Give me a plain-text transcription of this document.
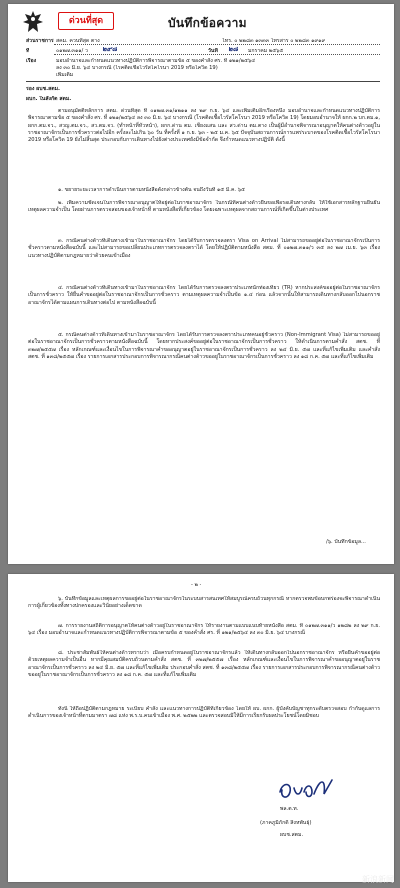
ด่วนที่สุด	บันทึกข้อความ
ส่วนราชการ สคม. ควนที่สุด ตาง	โทร. ๐ ๒๒๘๓ ๑๓๓๓ โทรสาร ๐ ๒๒๘๓ ๑๙๑๙
ที่	๐๑๒๗.๓๑๑/ ว ๒๙๘	วันที่ ๒๘ มกราคม ๒๕๖๕
เรื่อง	มอบอำนาจและกำหนดแนวทางปฏิบัติการพิจารณาตามข้อ ๕ ของคำสั่ง ศร. ที่ ๑๒๑/๒๕๖๔
ลง ๓๐ มิ.ย. ๖๔ บางกรณี (โรคติดเชื้อไวรัสโคโรนา 2019 หรือโควิด 19)
เพิ่มเติม
รอง ผบช.สตม.
ผบก. ในสังกัด สตม.
ตามอนุมัตติหลักการ สตม. ด่วนที่สุด ที่ ๐๑๒๗.๓๑/๑๒๑๑ ลง ๒๙ ก.ย. ๖๔ และเพิ่มเติมอีกเรื่องหนึ่ง มอบอำนาจและกำหนดแนวทางปฏิบัติการพิจารณาตามข้อ ๕ ของคำสั่ง ศร. ที่ ๑๒๑/๒๕๖๔ ลง ๓๐ มิ.ย. ๖๔ บางกรณี (โรคติดเชื้อไวรัสโคโรนา 2019 หรือโควิด 19) โดยมอบอำนาจให้ ผกก.๒ บก.ตม.๑, ผกก.ตม.จว., สวญ.ตม.จว., สว.ตม.จว. (ทำหน้าที่หัวหน้า), ผกก.ด่าน ตม. เชียงแสน และ สว.ด่าน ตม.ตาง เป็นผู้มีอำนาจพิจารณาอนุญาตให้คนต่างด้าวอยู่ในราชอาณาจักรเป็นการชั่วคราวต่อไปอีก ครั้งละไม่เกิน ๖๐ วัน ที่ครั้งที่ ๑ ก.ย. ๖๓ - ๒๕ ม.ค. ๖๕ ปัจจุบันสถานการณ์การแพร่ระบาดของโรคติดเชื้อไวรัสโคโรนา 2019 หรือโควิด 19 ยังไม่สิ้นสุด ประกอบกับการเดินทางไปยังต่างประเทศยังมีข้อจำกัด จึงกำหนดแนวทางปฏิบัติ ดังนี้
๑. ขยายระยะเวลาการดำเนินการตามหนังสือดังกล่าวข้างต้น จนถึงวันที่ ๑๕ มี.ค. ๖๕
๒. เพิ่มความชัดเจนในการพิจารณาอนุญาตให้อยู่ต่อในราชอาณาจักร ในกรณีที่คนต่างด้าวยื่นขอเพื่อรอเดินทางกลับ ให้ใช้เอกสารหลักฐานยืนยันเหตุผลความจำเป็น โดยผ่านการตรวจสอบของเจ้าหน้าที่ ตามหนังสือที่เกี่ยวข้อง โดยเฉพาะเหตุผลจากสถานการณ์ที่เกิดขึ้นในต่างประเทศ
๓. กรณีคนต่างด้าวที่เดินทางเข้ามาในราชอาณาจักร โดยได้รับการตรวจลงตรา Visa on Arrival ไม่สามารถขออยู่ต่อในราชอาณาจักรเป็นการชั่วคราวตามหนังสือฉบับนี้ และไม่สามารถขอเปลี่ยนประเภทการตรวจลงตราได้ โดยให้ปฏิบัติตามหนังสือ สตม. ที่ ๐๑๒๗.๓๑๑/ว ๓๕ ลง ๒๗ เม.ย. ๖๓ เรื่อง แนวทางปฏิบัติตามกฎหมายว่าด้วยคนเข้าเมือง
๔. กรณีคนต่างด้าวที่เดินทางเข้ามาในราชอาณาจักร โดยได้รับการตรวจลงตราประเภทนักท่องเที่ยว (TR) หากประสงค์ขออยู่ต่อในราชอาณาจักรเป็นการชั่วคราว ให้ยื่นคำขออยู่ต่อในราชอาณาจักรเป็นการชั่วคราว ตามเหตุผลความจำเป็นข้อ ๑.๔ ก่อน แล้วจากนั้นให้สามารถเดินทางกลับออกไปนอกราชอาณาจักรได้ตามแผนการเดินทางต่อไป ตามหนังสือฉบับนี้
๕. กรณีคนต่างด้าวที่เดินทางเข้ามาในราชอาณาจักร โดยได้รับการตรวจลงตราประเภทคนอยู่ชั่วคราว (Non-Immigrant Visa) ไม่สามารถขออยู่ต่อในราชอาณาจักรเป็นการชั่วคราวตามหนังสือฉบับนี้ โดยหากประสงค์ขออยู่ต่อในราชอาณาจักรเป็นการชั่วคราว ให้ดำเนินการตามคำสั่ง สตช. ที่ ๓๒๗/๒๕๕๗ เรื่อง หลักเกณฑ์และเงื่อนไขในการพิจารณาคำขออนุญาตอยู่ในราชอาณาจักรเป็นการชั่วคราว ลง ๒๔ มิ.ย. ๕๗ และที่แก้ไขเพิ่มเติม และคำสั่ง สตช. ที่ ๑๓๘/๒๕๕๗ เรื่อง รายการเอกสารประกอบการพิจารณากรณีคนต่างด้าวขออยู่ในราชอาณาจักรเป็นการชั่วคราว ลง ๑๘ ก.ค. ๕๗ และที่แก้ไขเพิ่มเติม
/๖. บันทึกข้อมูล...
- ๒ -
๖. บันทึกข้อมูลและเหตุผลการขออยู่ต่อในราชอาณาจักรในระบบสารสนเทศให้สมบูรณ์ครบถ้วนทุกกรณี หากตรวจพบข้อบกพร่องจะพิจารณาดำเนินการผู้เกี่ยวข้องทั้งทางปกครองและวินัยอย่างเด็ดขาด
๗. การรายงานสถิติการอนุญาตให้คนต่างด้าวอยู่ในราชอาณาจักร ให้รายงานตามแบบแนบท้ายหนังสือ สตม. ที่ ๐๑๒๗.๓๑๑/ว ๑๒๘๒ ลง ๒๙ ก.ย. ๖๔ เรื่อง มอบอำนาจและกำหนดแนวทางปฏิบัติการพิจารณาตามข้อ ๕ ของคำสั่ง ศร. ที่ ๑๒๑/๒๕๖๔ ลง ๓๐ มิ.ย. ๖๔ บางกรณี
๘. ประชาสัมพันธ์ให้คนต่างด้าวทราบว่า เมื่อครบกำหนดอยู่ในราชอาณาจักรแล้ว ให้เดินทางกลับออกไปนอกราชอาณาจักร หรือยื่นคำขออยู่ต่อด้วยเหตุผลความจำเป็นอื่น หากมีคุณสมบัติครบถ้วนตามคำสั่ง สตช. ที่ ๓๒๗/๒๕๕๗ เรื่อง หลักเกณฑ์และเงื่อนไขในการพิจารณาคำขออนุญาตอยู่ในราชอาณาจักรเป็นการชั่วคราว ลง ๒๔ มิ.ย. ๕๗ และที่แก้ไขเพิ่มเติม ประกอบคำสั่ง สตช. ที่ ๑๓๘/๒๕๕๗ เรื่อง รายการเอกสารประกอบการพิจารณากรณีคนต่างด้าวขออยู่ในราชอาณาจักรเป็นการชั่วคราว ลง ๑๘ ก.ค. ๕๗ และที่แก้ไขเพิ่มเติม
ทั้งนี้ ให้ถือปฏิบัติตามกฎหมาย ระเบียบ คำสั่ง และแนวทางการปฏิบัติที่เกี่ยวข้อง โดยให้ ผบ. ผกก. ผู้บังคับบัญชาทุกระดับตรวจสอบ กำกับดูแลการดำเนินการของเจ้าหน้าที่ตามมาตรา ๗๘ แห่ง พ.ร.บ.คนเข้าเมือง พ.ศ. ๒๕๒๒ และตรวจสอบมิให้มีการเรียกรับผลประโยชน์โดยมิชอบ
พล.ต.ท.
(ภาคภูมิภักดิ์ สิงหพันธุ์)
ผบช.สตม.
新浪新闻
